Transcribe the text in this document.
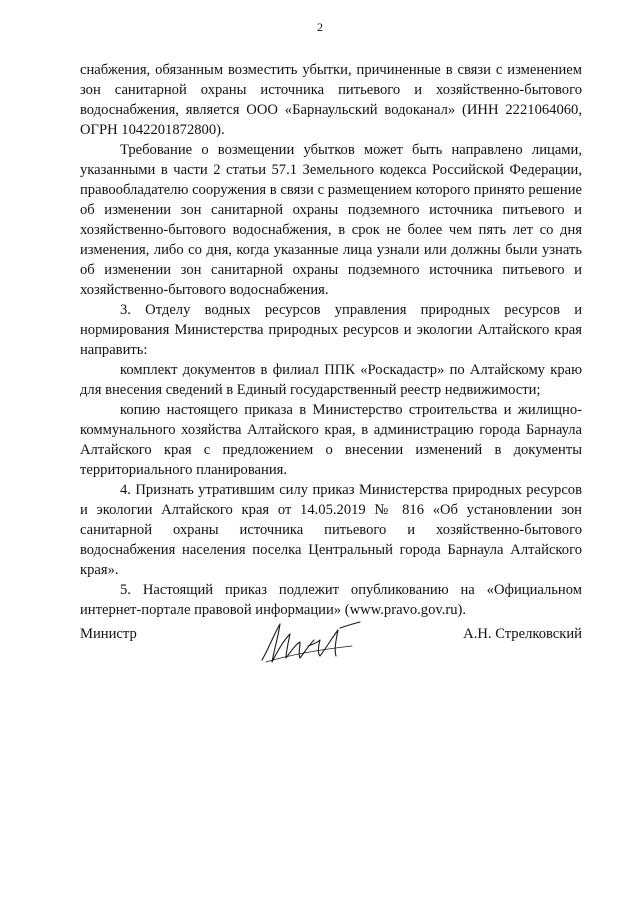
2

снабжения, обязанным возместить убытки, причиненные в связи с изменением зон санитарной охраны источника питьевого и хозяйственно-бытового водоснабжения, является ООО «Барнаульский водоканал» (ИНН 2221064060, ОГРН 1042201872800).

Требование о возмещении убытков может быть направлено лицами, указанными в части 2 статьи 57.1 Земельного кодекса Российской Федерации, правообладателю сооружения в связи с размещением которого принято решение об изменении зон санитарной охраны подземного источника питьевого и хозяйственно-бытового водоснабжения, в срок не более чем пять лет со дня изменения, либо со дня, когда указанные лица узнали или должны были узнать об изменении зон санитарной охраны подземного источника питьевого и хозяйственно-бытового водоснабжения.

3. Отделу водных ресурсов управления природных ресурсов и нормирования Министерства природных ресурсов и экологии Алтайского края направить:

комплект документов в филиал ППК «Роскадастр» по Алтайскому краю для внесения сведений в Единый государственный реестр недвижимости;

копию настоящего приказа в Министерство строительства и жилищно-коммунального хозяйства Алтайского края, в администрацию города Барнаула Алтайского края с предложением о внесении изменений в документы территориального планирования.

4. Признать утратившим силу приказ Министерства природных ресурсов и экологии Алтайского края от 14.05.2019 № 816 «Об установлении зон санитарной охраны источника питьевого и хозяйственно-бытового водоснабжения населения поселка Центральный города Барнаула Алтайского края».

5. Настоящий приказ подлежит опубликованию на «Официальном интернет-портале правовой информации» (www.pravo.gov.ru).

Министр	А.Н. Стрелковский
